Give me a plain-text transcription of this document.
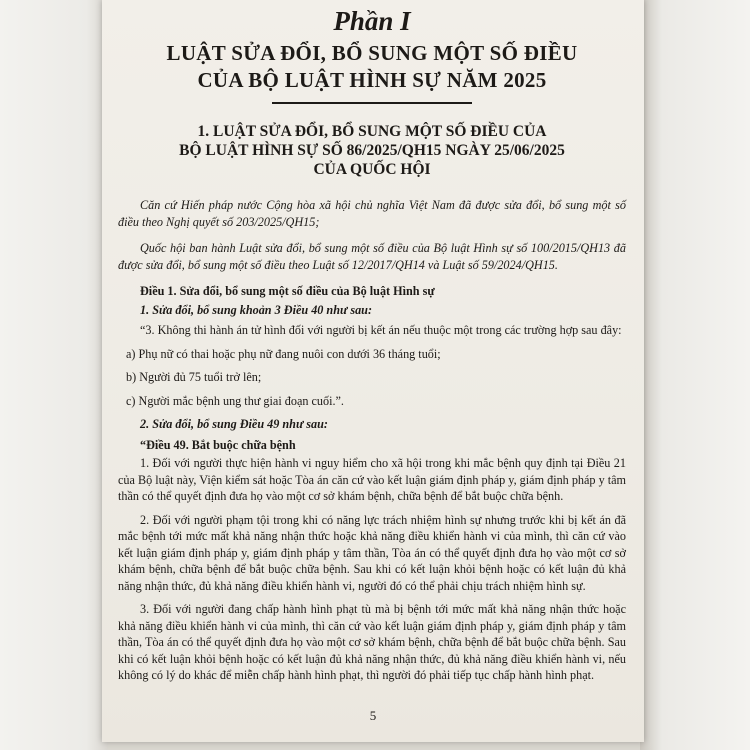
Phần I
LUẬT SỬA ĐỔI, BỔ SUNG MỘT SỐ ĐIỀU
CỦA BỘ LUẬT HÌNH SỰ NĂM 2025
1. LUẬT SỬA ĐỔI, BỔ SUNG MỘT SỐ ĐIỀU CỦA
BỘ LUẬT HÌNH SỰ SỐ 86/2025/QH15 NGÀY 25/06/2025
CỦA QUỐC HỘI

Căn cứ Hiến pháp nước Cộng hòa xã hội chủ nghĩa Việt Nam đã được sửa đổi, bổ sung một số điều theo Nghị quyết số 203/2025/QH15;

Quốc hội ban hành Luật sửa đổi, bổ sung một số điều của Bộ luật Hình sự số 100/2015/QH13 đã được sửa đổi, bổ sung một số điều theo Luật số 12/2017/QH14 và Luật số 59/2024/QH15.

Điều 1. Sửa đổi, bổ sung một số điều của Bộ luật Hình sự

1. Sửa đổi, bổ sung khoản 3 Điều 40 như sau:

“3. Không thi hành án tử hình đối với người bị kết án nếu thuộc một trong các trường hợp sau đây:

a) Phụ nữ có thai hoặc phụ nữ đang nuôi con dưới 36 tháng tuổi;

b) Người đủ 75 tuổi trở lên;

c) Người mắc bệnh ung thư giai đoạn cuối.”.

2. Sửa đổi, bổ sung Điều 49 như sau:

“Điều 49. Bắt buộc chữa bệnh

1. Đối với người thực hiện hành vi nguy hiểm cho xã hội trong khi mắc bệnh quy định tại Điều 21 của Bộ luật này, Viện kiểm sát hoặc Tòa án căn cứ vào kết luận giám định pháp y, giám định pháp y tâm thần có thể quyết định đưa họ vào một cơ sở khám bệnh, chữa bệnh để bắt buộc chữa bệnh.

2. Đối với người phạm tội trong khi có năng lực trách nhiệm hình sự nhưng trước khi bị kết án đã mắc bệnh tới mức mất khả năng nhận thức hoặc khả năng điều khiển hành vi của mình, thì căn cứ vào kết luận giám định pháp y, giám định pháp y tâm thần, Tòa án có thể quyết định đưa họ vào một cơ sở khám bệnh, chữa bệnh để bắt buộc chữa bệnh. Sau khi có kết luận khỏi bệnh hoặc có kết luận đủ khả năng nhận thức, đủ khả năng điều khiển hành vi, người đó có thể phải chịu trách nhiệm hình sự.

3. Đối với người đang chấp hành hình phạt tù mà bị bệnh tới mức mất khả năng nhận thức hoặc khả năng điều khiển hành vi của mình, thì căn cứ vào kết luận giám định pháp y, giám định pháp y tâm thần, Tòa án có thể quyết định đưa họ vào một cơ sở khám bệnh, chữa bệnh để bắt buộc chữa bệnh. Sau khi có kết luận khỏi bệnh hoặc có kết luận đủ khả năng nhận thức, đủ khả năng điều khiển hành vi, nếu không có lý do khác để miễn chấp hành hình phạt, thì người đó phải tiếp tục chấp hành hình phạt.

5
